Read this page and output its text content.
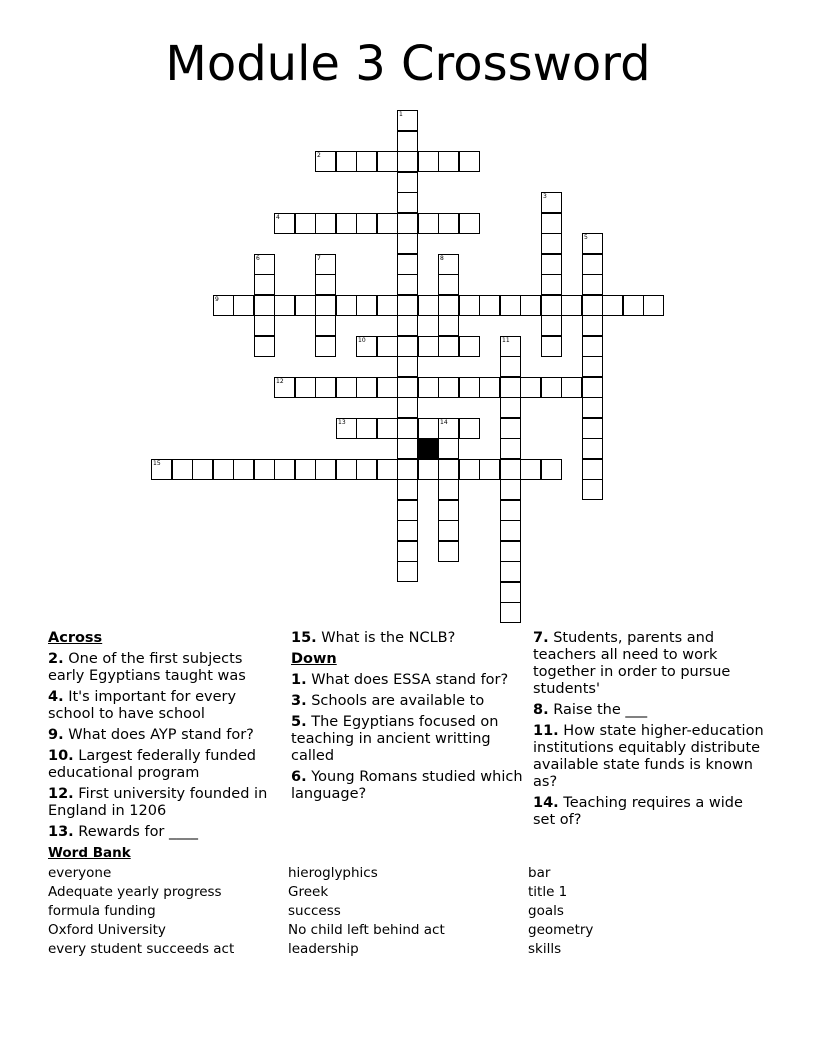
Module 3 Crossword
2
4
9
10
12
13	14
15
1
3
5
6	7	8
11
Across
2. One of the first subjects early Egyptians taught was
4. It's important for every school to have school
9. What does AYP stand for?
10. Largest federally funded educational program
12. First university founded in England in 1206
13. Rewards for ____
15. What is the NCLB?
Down
1. What does ESSA stand for?
3. Schools are available to
5. The Egyptians focused on teaching in ancient writting called
6. Young Romans studied which language?
7. Students, parents and teachers all need to work together in order to pursue students'
8. Raise the ___
11. How state higher-education institutions equitably distribute available state funds is known as?
14. Teaching requires a wide set of?
Word Bank
everyone
Adequate yearly progress
formula funding
Oxford University
every student succeeds act
hieroglyphics
Greek
success
No child left behind act
leadership
bar
title 1
goals
geometry
skills
